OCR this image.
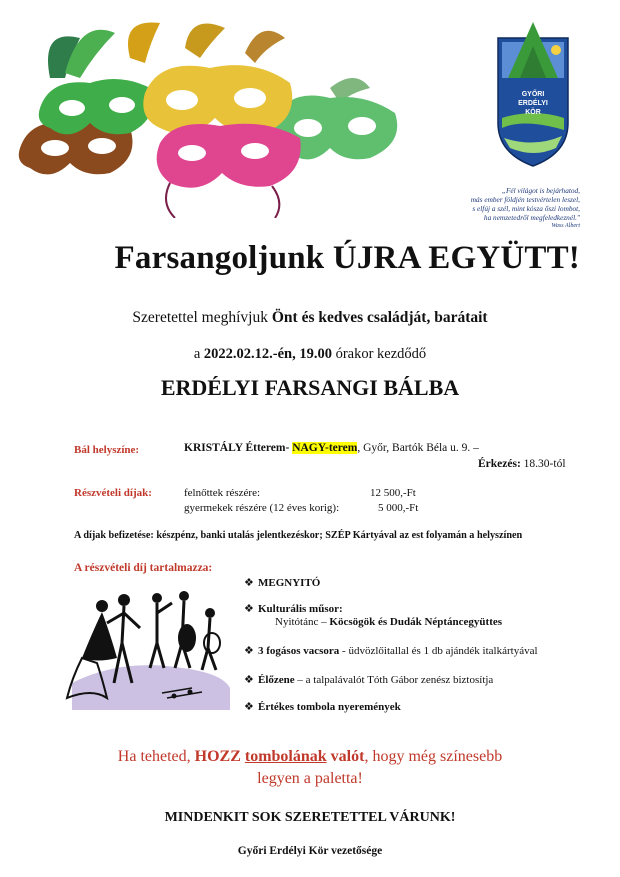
GYŐRI
ERDÉLYI
KÖR
„Fél világot is bejárhatod,
más ember földjén testvértelen leszel,
s elfúj a szél, mint kósza őszi lombot,
ha nemzetedről megfeledkeznél."
Wass Albert
Farsangoljunk ÚJRA EGYÜTT!
Szeretettel meghívjuk Önt és kedves családját, barátait
a 2022.02.12.-én, 19.00 órakor kezdődő
ERDÉLYI FARSANGI BÁLBA
Bál helyszíne:	KRISTÁLY Étterem- NAGY-terem, Győr, Bartók Béla u. 9. –
Érkezés: 18.30-tól
Részvételi díjak:	felnőttek részére:	12 500,-Ft
gyermekek részére (12 éves korig):	5 000,-Ft
A díjak befizetése: készpénz, banki utalás jelentkezéskor; SZÉP Kártyával az est folyamán a helyszínen
A részvételi díj tartalmazza:
❖ MEGNYITÓ
❖ Kulturális műsor:
Nyitótánc – Köcsögök és Dudák Néptáncegyüttes
❖ 3 fogásos vacsora - üdvözlőitallal és 1 db ajándék italkártyával
❖ Élőzene – a talpalávalót Tóth Gábor zenész biztosítja
❖ Értékes tombola nyeremények
Ha teheted, HOZZ tombolának valót, hogy még színesebb
legyen a paletta!
MINDENKIT SOK SZERETETTEL VÁRUNK!
Győri Erdélyi Kör vezetősége
